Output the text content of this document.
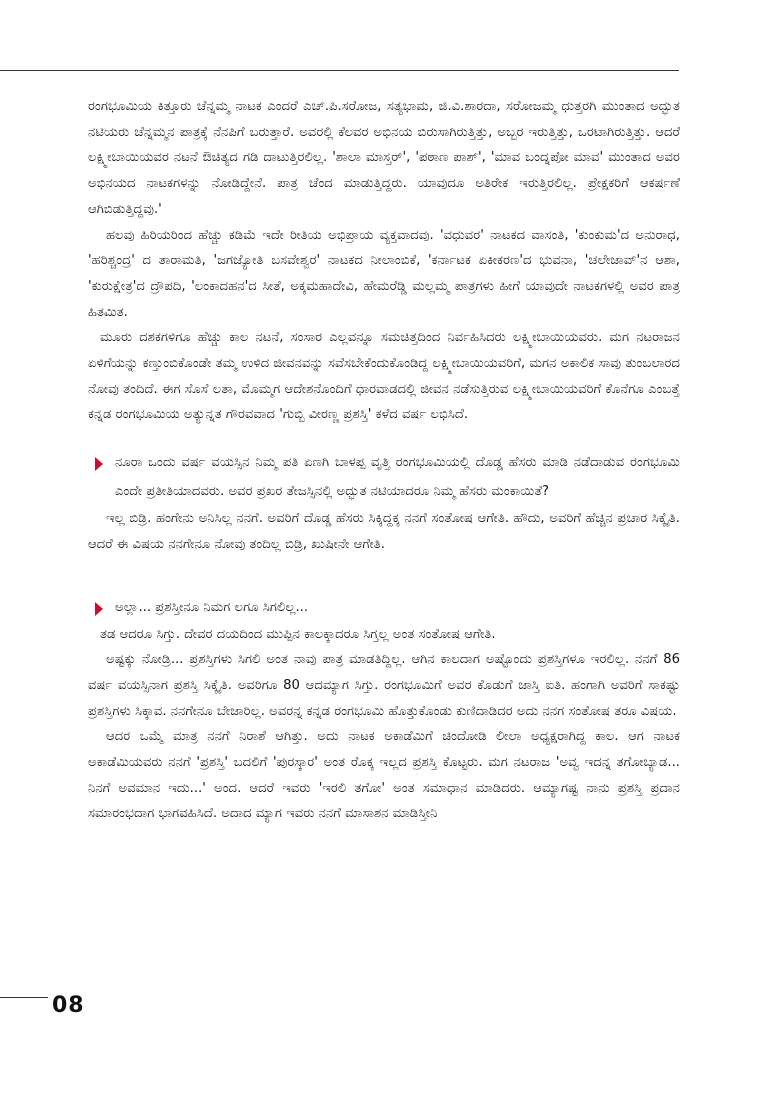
ರಂಗಭೂಮಿಯ ಕಿತ್ತೂರು ಚೆನ್ನಮ್ಮ ನಾಟಕ ಎಂದರೆ ಎಚ್.ಪಿ.ಸರೋಜ, ಸತ್ಯಭಾಮ, ಜಿ.ವಿ.ಶಾರದಾ, ಸರೋಜಮ್ಮ ಧುತ್ತರಗಿ ಮುಂತಾದ ಅದ್ಭುತ ನಟಿಯರು ಚೆನ್ನಮ್ಮನ ಪಾತ್ರಕ್ಕೆ ನೆನಪಿಗೆ ಬರುತ್ತಾರೆ. ಅವರಲ್ಲಿ ಕೆಲವರ ಅಭಿನಯ ಬಿರುಸಾಗಿರುತ್ತಿತ್ತು, ಅಬ್ಬರ ಇರುತ್ತಿತ್ತು, ಒರಟಾಗಿರುತ್ತಿತ್ತು. ಆದರೆ ಲಕ್ಷ್ಮೀಬಾಯಿಯವರ ನಟನೆ ಔಚಿತ್ಯದ ಗಡಿ ದಾಟುತ್ತಿರಲಿಲ್ಲ. 'ಶಾಲಾ ಮಾಸ್ತರ್', 'ಪಠಾಣ ಪಾಶ್', 'ಮಾವ ಬಂದ್ನಪೋ ಮಾವ' ಮುಂತಾದ ಅವರ ಅಭಿನಯದ ನಾಟಕಗಳನ್ನು ನೋಡಿದ್ದೇನೆ. ಪಾತ್ರ ಚೆಂದ ಮಾಡುತ್ತಿದ್ದರು. ಯಾವುದೂ ಅತಿರೇಕ ಇರುತ್ತಿರಲಿಲ್ಲ. ಪ್ರೇಕ್ಷಕರಿಗೆ ಆಕರ್ಷಣೆ ಆಗಿಬಿಡುತ್ತಿದ್ದವು.'

ಹಲವು ಹಿರಿಯರಿಂದ ಹೆಚ್ಚು ಕಡಿಮೆ ಇದೇ ರೀತಿಯ ಅಭಿಪ್ರಾಯ ವ್ಯಕ್ತವಾದವು. 'ವಧುವರ' ನಾಟಕದ ವಾಸಂತಿ, 'ಕುಂಕುಮ'ದ ಅನುರಾಧ, 'ಹರಿಶ್ಚಂದ್ರ' ದ ತಾರಾಮತಿ, 'ಜಗಜ್ಯೋತಿ ಬಸವೇಶ್ವರ' ನಾಟಕದ ನೀಲಾಂಬಿಕೆ, 'ಕರ್ನಾಟಕ ಏಕೀಕರಣ'ದ ಭುವನಾ, 'ಚಲೇಜಾವ್'ನ ಆಶಾ, 'ಕುರುಕ್ಷೇತ್ರ'ದ ದ್ರೌಪದಿ, 'ಲಂಕಾದಹನ'ದ ಸೀತೆ, ಅಕ್ಕಮಹಾದೇವಿ, ಹೇಮರೆಡ್ಡಿ ಮಲ್ಲಮ್ಮ ಪಾತ್ರಗಳು ಹೀಗೆ ಯಾವುದೇ ನಾಟಕಗಳಲ್ಲಿ ಅವರ ಪಾತ್ರ ಹಿತಮಿತ.

ಮೂರು ದಶಕಗಳಿಗೂ ಹೆಚ್ಚು ಕಾಲ ನಟನೆ, ಸಂಸಾರ ಎಲ್ಲವನ್ನೂ ಸಮಚಿತ್ತದಿಂದ ನಿರ್ವಹಿಸಿದರು ಲಕ್ಷ್ಮೀಬಾಯಿಯವರು. ಮಗ ನಟರಾಜನ ಏಳಿಗೆಯನ್ನು ಕಣ್ತುಂಬಿಕೊಂಡೇ ತಮ್ಮ ಉಳಿದ ಜೀವನವನ್ನು ಸವೆಸಬೇಕೆಂದುಕೊಂಡಿದ್ದ ಲಕ್ಷ್ಮೀಬಾಯಿಯವರಿಗೆ, ಮಗನ ಅಕಾಲಿಕ ಸಾವು ತುಂಬಲಾರದ ನೋವು ತಂದಿದೆ. ಈಗ ಸೊಸೆ ಲತಾ, ಮೊಮ್ಮಗ ಆದೇಶನೊಂದಿಗೆ ಧಾರವಾಡದಲ್ಲಿ ಜೀವನ ನಡೆಸುತ್ತಿರುವ ಲಕ್ಷ್ಮೀಬಾಯಿಯವರಿಗೆ ಕೊನೆಗೂ ಎಂಬತ್ತೆ ಕನ್ನಡ ರಂಗಭೂಮಿಯ ಅತ್ಯುನ್ನತ ಗೌರವವಾದ 'ಗುಬ್ಬಿ ವೀರಣ್ಣ ಪ್ರಶಸ್ತಿ' ಕಳೆದ ವರ್ಷ ಲಭಿಸಿದೆ.

ನೂರಾ ಒಂದು ವರ್ಷ ವಯಸ್ಸಿನ ನಿಮ್ಮ ಪತಿ ಏಣಗಿ ಬಾಳಪ್ಪ ವೃತ್ತಿ ರಂಗಭೂಮಿಯಲ್ಲಿ ದೊಡ್ಡ ಹೆಸರು ಮಾಡಿ ನಡೆದಾಡುವ ರಂಗಭೂಮಿ ಎಂದೇ ಪ್ರತೀತಿಯಾದವರು. ಅವರ ಪ್ರಖರ ತೇಜಸ್ಸಿನಲ್ಲಿ ಅದ್ಭುತ ನಟಿಯಾದರೂ ನಿಮ್ಮ ಹೆಸರು ಮಂಕಾಯಿತೆ?

ಇಲ್ಲ ಬಿಡ್ರಿ. ಹಂಗೇನು ಅನಿಸಿಲ್ಲ ನನಗೆ. ಅವರಿಗೆ ದೊಡ್ಡ ಹೆಸರು ಸಿಕ್ಕಿದ್ದಕ್ಕ ನನಗೆ ಸಂತೋಷ ಆಗೇತಿ. ಹೌದು, ಅವರಿಗೆ ಹೆಚ್ಚಿನ ಪ್ರಚಾರ ಸಿಕ್ಕೈತಿ. ಆದರೆ ಈ ವಿಷಯ ನನಗೇನೂ ನೋವು ತಂದಿಲ್ಲ ಬಿಡ್ರಿ, ಖುಷೀನೇ ಆಗೇತಿ.

ಅಲ್ಲಾ... ಪ್ರಶಸ್ತೀನೂ ನಿಮಗ ಲಗೂ ಸಿಗಲಿಲ್ಲ...

ತಡ ಆದರೂ ಸಿಗ್ತು. ದೇವರ ದಯದಿಂದ ಮುಪ್ಪಿನ ಕಾಲಕ್ಕಾದರೂ ಸಿಗ್ತಲ್ಲ ಅಂತ ಸಂತೋಷ ಆಗೇತಿ.

ಅಷ್ಟಕ್ಕು ನೋಡ್ರಿ... ಪ್ರಶಸ್ತಿಗಳು ಸಿಗಲಿ ಅಂತ ನಾವು ಪಾತ್ರ ಮಾಡತಿದ್ದಿಲ್ಲ. ಆಗಿನ ಕಾಲದಾಗ ಅಷ್ಟೊಂದು ಪ್ರಶಸ್ತಿಗಳೂ ಇರಲಿಲ್ಲ. ನನಗೆ 86 ವರ್ಷ ವಯಸ್ಸಿನಾಗ ಪ್ರಶಸ್ತಿ ಸಿಕ್ಕೈತಿ. ಅವರಿಗೂ 80 ಆದಮ್ಯಾಗ ಸಿಗ್ತು. ರಂಗಭೂಮಿಗೆ ಅವರ ಕೊಡುಗೆ ಜಾಸ್ತಿ ಐತಿ. ಹಂಗಾಗಿ ಅವರಿಗೆ ಸಾಕಷ್ಟು ಪ್ರಶಸ್ತಿಗಳು ಸಿಕ್ಕಾವ. ನನಗೇನೂ ಬೇಜಾರಿಲ್ಲ. ಅವರನ್ನ ಕನ್ನಡ ರಂಗಭೂಮಿ ಹೊತ್ತುಕೊಂಡು ಕುಣಿದಾಡಿದರ ಅದು ನನಗ ಸಂತೋಷ ತರೂ ವಿಷಯ.

ಆದರ ಒಮ್ಮೆ ಮಾತ್ರ ನನಗೆ ನಿರಾಶೆ ಆಗಿತ್ತು. ಅದು ನಾಟಕ ಅಕಾಡೆಮಿಗೆ ಚಿಂದೋಡಿ ಲೀಲಾ ಅಧ್ಯಕ್ಷರಾಗಿದ್ದ ಕಾಲ. ಆಗ ನಾಟಕ ಅಕಾಡೆಮಿಯವರು ನನಗೆ 'ಪ್ರಶಸ್ತಿ' ಬದಲಿಗೆ 'ಪುರಸ್ಕಾರ' ಅಂತ ರೊಕ್ಕ ಇಲ್ಲದ ಪ್ರಶಸ್ತಿ ಕೊಟ್ಟರು. ಮಗ ನಟರಾಜ 'ಅವ್ವ ಇದನ್ನ ತಗೋಬ್ಯಾಡ... ನಿನಗೆ ಅವಮಾನ ಇದು...' ಅಂದ. ಆದರೆ ಇವರು 'ಇರಲಿ ತಗೋ' ಅಂತ ಸಮಾಧಾನ ಮಾಡಿದರು. ಆಮ್ಯಾಗಷ್ಟ ನಾನು ಪ್ರಶಸ್ತಿ ಪ್ರದಾನ ಸಮಾರಂಭದಾಗ ಭಾಗವಹಿಸಿದೆ. ಅದಾದ ಮ್ಯಾಗ ಇವರು ನನಗೆ ಮಾಸಾಶನ ಮಾಡಿಸ್ತೀನಿ

08
